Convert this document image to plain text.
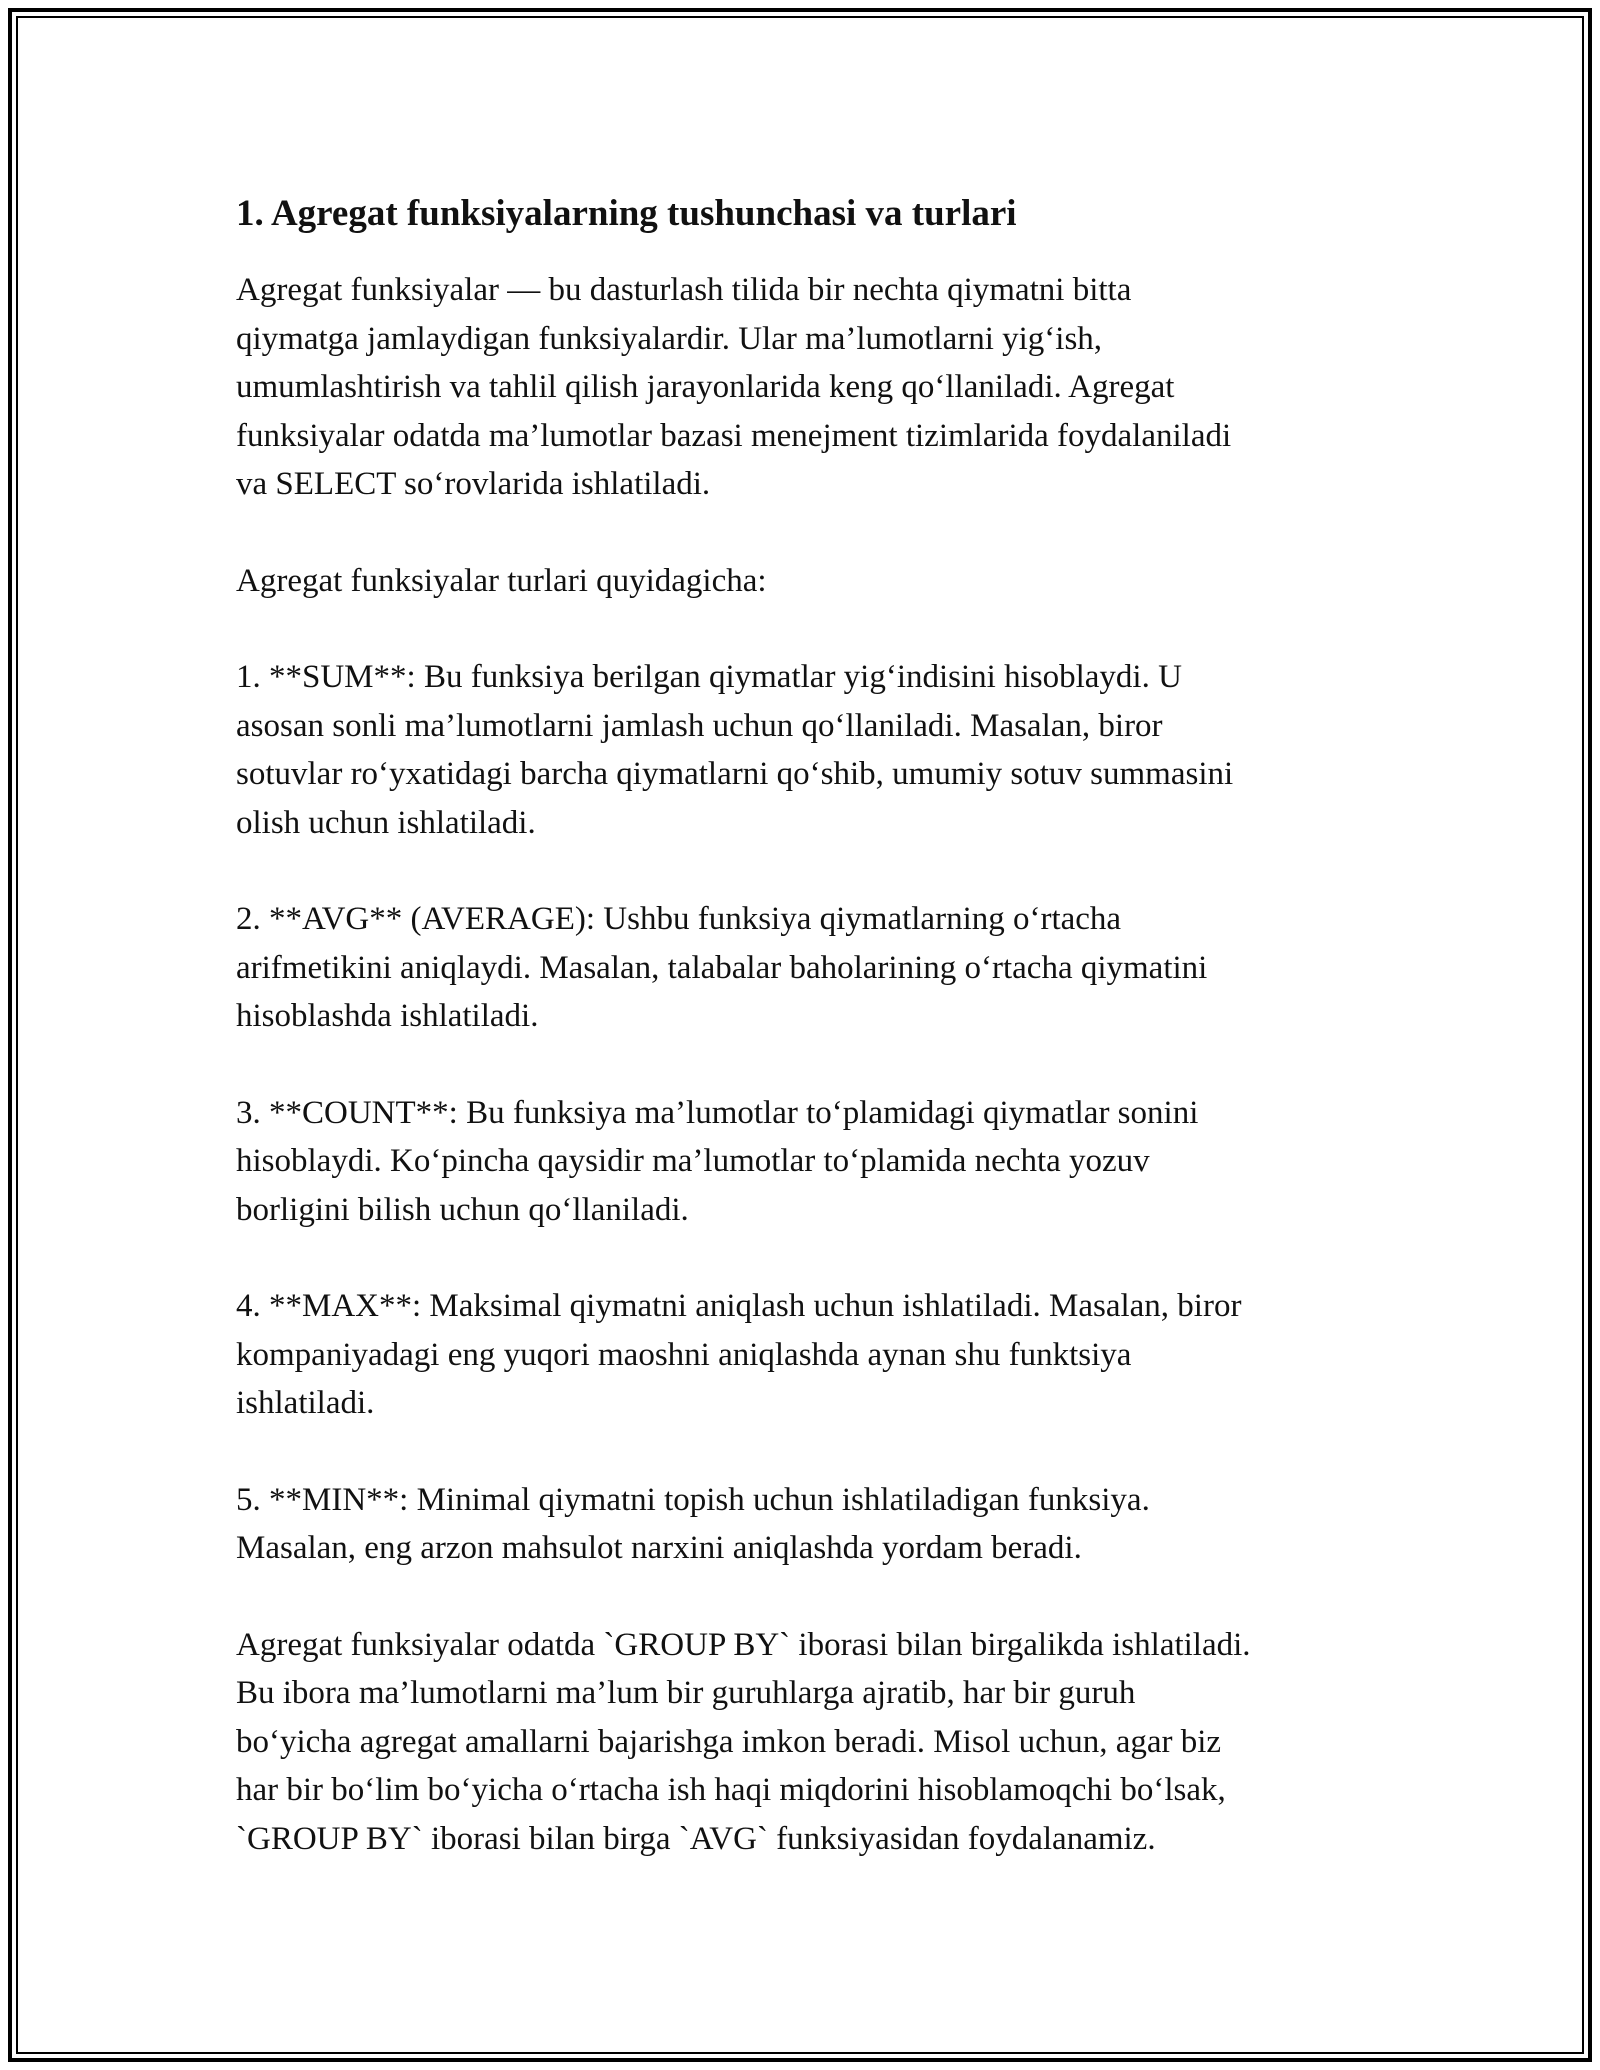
1. Agregat funksiyalarning tushunchasi va turlari

Agregat funksiyalar — bu dasturlash tilida bir nechta qiymatni bitta
qiymatga jamlaydigan funksiyalardir. Ular ma’lumotlarni yig‘ish,
umumlashtirish va tahlil qilish jarayonlarida keng qo‘llaniladi. Agregat
funksiyalar odatda ma’lumotlar bazasi menejment tizimlarida foydalaniladi
va SELECT so‘rovlarida ishlatiladi.

Agregat funksiyalar turlari quyidagicha:

1. **SUM**: Bu funksiya berilgan qiymatlar yig‘indisini hisoblaydi. U
asosan sonli ma’lumotlarni jamlash uchun qo‘llaniladi. Masalan, biror
sotuvlar ro‘yxatidagi barcha qiymatlarni qo‘shib, umumiy sotuv summasini
olish uchun ishlatiladi.

2. **AVG** (AVERAGE): Ushbu funksiya qiymatlarning o‘rtacha
arifmetikini aniqlaydi. Masalan, talabalar baholarining o‘rtacha qiymatini
hisoblashda ishlatiladi.

3. **COUNT**: Bu funksiya ma’lumotlar to‘plamidagi qiymatlar sonini
hisoblaydi. Ko‘pincha qaysidir ma’lumotlar to‘plamida nechta yozuv
borligini bilish uchun qo‘llaniladi.

4. **MAX**: Maksimal qiymatni aniqlash uchun ishlatiladi. Masalan, biror
kompaniyadagi eng yuqori maoshni aniqlashda aynan shu funktsiya
ishlatiladi.

5. **MIN**: Minimal qiymatni topish uchun ishlatiladigan funksiya.
Masalan, eng arzon mahsulot narxini aniqlashda yordam beradi.

Agregat funksiyalar odatda `GROUP BY` iborasi bilan birgalikda ishlatiladi.
Bu ibora ma’lumotlarni ma’lum bir guruhlarga ajratib, har bir guruh
bo‘yicha agregat amallarni bajarishga imkon beradi. Misol uchun, agar biz
har bir bo‘lim bo‘yicha o‘rtacha ish haqi miqdorini hisoblamoqchi bo‘lsak,
`GROUP BY` iborasi bilan birga `AVG` funksiyasidan foydalanamiz.
